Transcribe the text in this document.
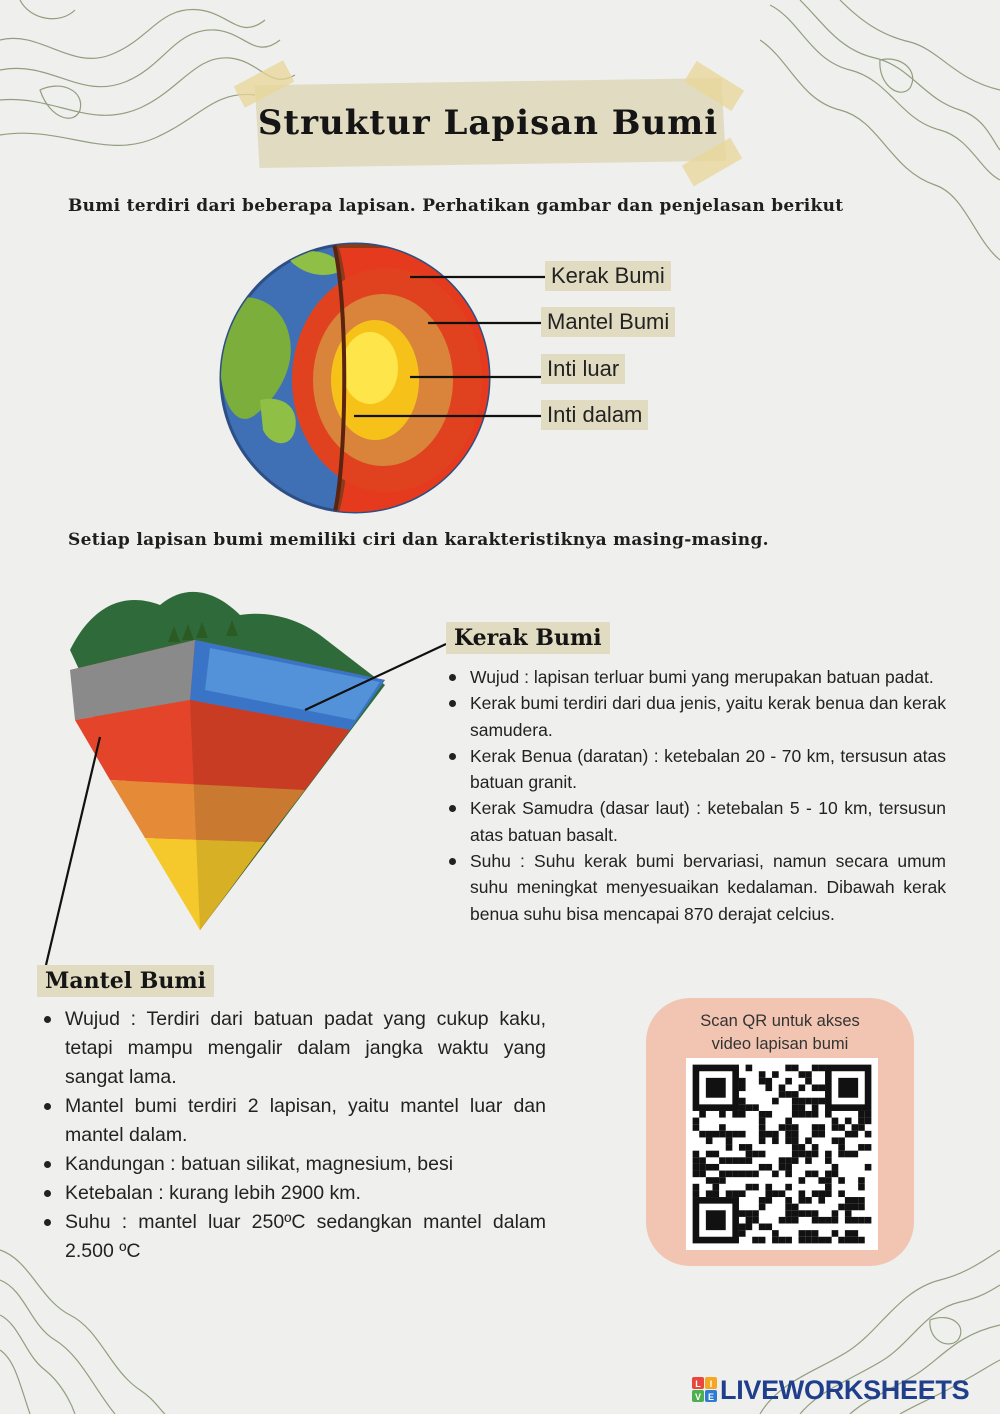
Struktur Lapisan Bumi
Bumi terdiri dari beberapa lapisan. Perhatikan gambar dan penjelasan berikut
Kerak Bumi
Mantel Bumi
Inti luar
Inti dalam
Setiap lapisan bumi memiliki ciri dan karakteristiknya masing-masing.
Kerak Bumi
Wujud : lapisan terluar bumi yang merupakan batuan padat.
Kerak bumi terdiri dari dua jenis, yaitu kerak benua dan kerak samudera.
Kerak Benua (daratan) : ketebalan 20 - 70 km, tersusun atas batuan granit.
Kerak Samudra (dasar laut) : ketebalan 5 - 10 km, tersusun atas batuan basalt.
Suhu : Suhu kerak bumi bervariasi, namun secara umum suhu meningkat menyesuaikan kedalaman. Dibawah kerak benua suhu bisa mencapai 870 derajat celcius.
Mantel Bumi
Wujud : Terdiri dari batuan padat yang cukup kaku, tetapi mampu mengalir dalam jangka waktu yang sangat lama.
Mantel bumi terdiri 2 lapisan, yaitu mantel luar dan mantel dalam.
Kandungan : batuan silikat, magnesium, besi
Ketebalan : kurang lebih 2900 km.
Suhu : mantel luar 250ºC sedangkan mantel dalam 2.500 ºC
Scan QR untuk akses
video lapisan bumi
L I
V E LIVEWORKSHEETS
